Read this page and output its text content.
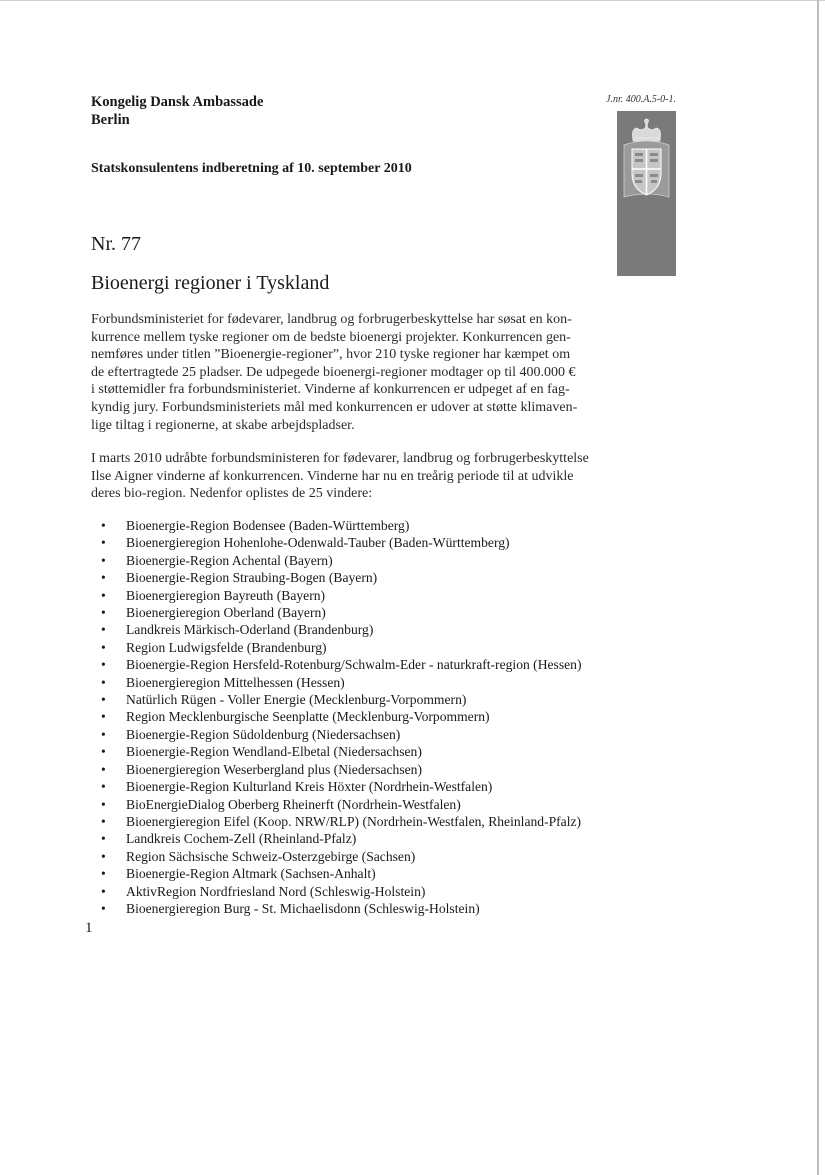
Kongelig Dansk Ambassade
Berlin
J.nr. 400.A.5-0-1.
Statskonsulentens indberetning af 10. september 2010
Nr. 77
Bioenergi regioner i Tyskland
Forbundsministeriet for fødevarer, landbrug og forbrugerbeskyttelse har søsat en kon-
kurrence mellem tyske regioner om de bedste bioenergi projekter. Konkurrencen gen-
nemføres under titlen ”Bioenergie-regioner”, hvor 210 tyske regioner har kæmpet om
de eftertragtede 25 pladser. De udpegede bioenergi-regioner modtager op til 400.000 €
i støttemidler fra forbundsministeriet. Vinderne af konkurrencen er udpeget af en fag-
kyndig jury. Forbundsministeriets mål med konkurrencen er udover at støtte klimaven-
lige tiltag i regionerne, at skabe arbejdspladser.
I marts 2010 udråbte forbundsministeren for fødevarer, landbrug og forbrugerbeskyttelse
Ilse Aigner vinderne af konkurrencen. Vinderne har nu en treårig periode til at udvikle
deres bio-region. Nedenfor oplistes de 25 vindere:
• Bioenergie-Region Bodensee (Baden-Württemberg)
• Bioenergieregion Hohenlohe-Odenwald-Tauber (Baden-Württemberg)
• Bioenergie-Region Achental (Bayern)
• Bioenergie-Region Straubing-Bogen (Bayern)
• Bioenergieregion Bayreuth (Bayern)
• Bioenergieregion Oberland (Bayern)
• Landkreis Märkisch-Oderland (Brandenburg)
• Region Ludwigsfelde (Brandenburg)
• Bioenergie-Region Hersfeld-Rotenburg/Schwalm-Eder - naturkraft-region (Hessen)
• Bioenergieregion Mittelhessen (Hessen)
• Natürlich Rügen - Voller Energie (Mecklenburg-Vorpommern)
• Region Mecklenburgische Seenplatte (Mecklenburg-Vorpommern)
• Bioenergie-Region Südoldenburg (Niedersachsen)
• Bioenergie-Region Wendland-Elbetal (Niedersachsen)
• Bioenergieregion Weserbergland plus (Niedersachsen)
• Bioenergie-Region Kulturland Kreis Höxter (Nordrhein-Westfalen)
• BioEnergieDialog Oberberg Rheinerft (Nordrhein-Westfalen)
• Bioenergieregion Eifel (Koop. NRW/RLP) (Nordrhein-Westfalen, Rheinland-Pfalz)
• Landkreis Cochem-Zell (Rheinland-Pfalz)
• Region Sächsische Schweiz-Osterzgebirge (Sachsen)
• Bioenergie-Region Altmark (Sachsen-Anhalt)
• AktivRegion Nordfriesland Nord (Schleswig-Holstein)
• Bioenergieregion Burg - St. Michaelisdonn (Schleswig-Holstein)
1
